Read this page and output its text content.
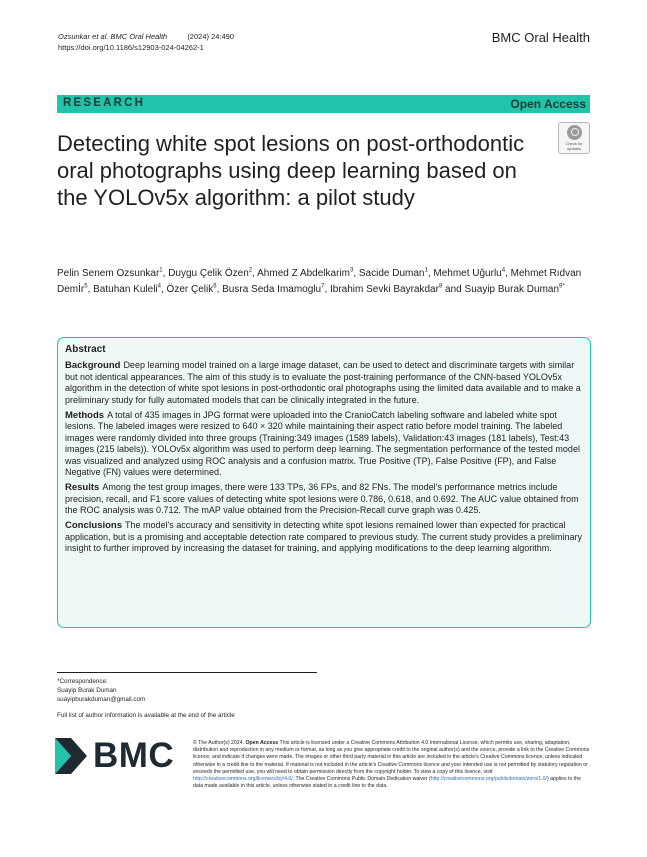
Ozsunkar et al. BMC Oral Health	(2024) 24:490
https://doi.org/10.1186/s12903-024-04262-1
BMC Oral Health
RESEARCH	Open Access
Check for
updates
Detecting white spot lesions on post-orthodontic oral photographs using deep learning based on the YOLOv5x algorithm: a pilot study
Pelin Senem Ozsunkar$^1$, Duygu Çelik Özen$^2$, Ahmed Z Abdelkarim$^3$, Sacide Duman$^1$, Mehmet Uğurlu$^4$, Mehmet Rıdvan Demİr$^5$, Batuhan Kuleli$^4$, Özer Çelik$^6$, Busra Seda Imamoglu$^7$, Ibrahim Sevki Bayrakdar$^8$ and Suayip Burak Duman$^{9*}$
Abstract

Background Deep learning model trained on a large image dataset, can be used to detect and discriminate targets with similar but not identical appearances. The aim of this study is to evaluate the post-training performance of the CNN-based YOLOv5x algorithm in the detection of white spot lesions in post-orthodontic oral photographs using the limited data available and to make a preliminary study for fully automated models that can be clinically integrated in the future.

Methods A total of 435 images in JPG format were uploaded into the CranioCatch labeling software and labeled white spot lesions. The labeled images were resized to 640 × 320 while maintaining their aspect ratio before model training. The labeled images were randomly divided into three groups (Training:349 images (1589 labels), Validation:43 images (181 labels), Test:43 images (215 labels)). YOLOv5x algorithm was used to perform deep learning. The segmentation performance of the tested model was visualized and analyzed using ROC analysis and a confusion matrix. True Positive (TP), False Positive (FP), and False Negative (FN) values were determined.

Results Among the test group images, there were 133 TPs, 36 FPs, and 82 FNs. The model's performance metrics include precision, recall, and F1 score values of detecting white spot lesions were 0.786, 0.618, and 0.692. The AUC value obtained from the ROC analysis was 0.712. The mAP value obtained from the Precision-Recall curve graph was 0.425.

Conclusions The model's accuracy and sensitivity in detecting white spot lesions remained lower than expected for practical application, but is a promising and acceptable detection rate compared to previous study. The current study provides a preliminary insight to further improved by increasing the dataset for training, and applying modifications to the deep learning algorithm.

*Correspondence:
Suayip Burak Duman
suayipburakduman@gmail.com
Full list of author information is available at the end of the article
BMC	© The Author(s) 2024. Open Access This article is licensed under a Creative Commons Attribution 4.0 International License, which permits use, sharing, adaptation, distribution and reproduction in any medium or format, as long as you give appropriate credit to the original author(s) and the source, provide a link to the Creative Commons licence, and indicate if changes were made. The images or other third party material in this article are included in the article's Creative Commons licence, unless indicated otherwise in a credit line to the material. If material is not included in the article's Creative Commons licence and your intended use is not permitted by statutory regulation or exceeds the permitted use, you will need to obtain permission directly from the copyright holder. To view a copy of this licence, visit http://creativecommons.org/licenses/by/4.0/. The Creative Commons Public Domain Dedication waiver (http://creativecommons.org/publicdomain/zero/1.0/) applies to the data made available in this article, unless otherwise stated in a credit line to the data.
